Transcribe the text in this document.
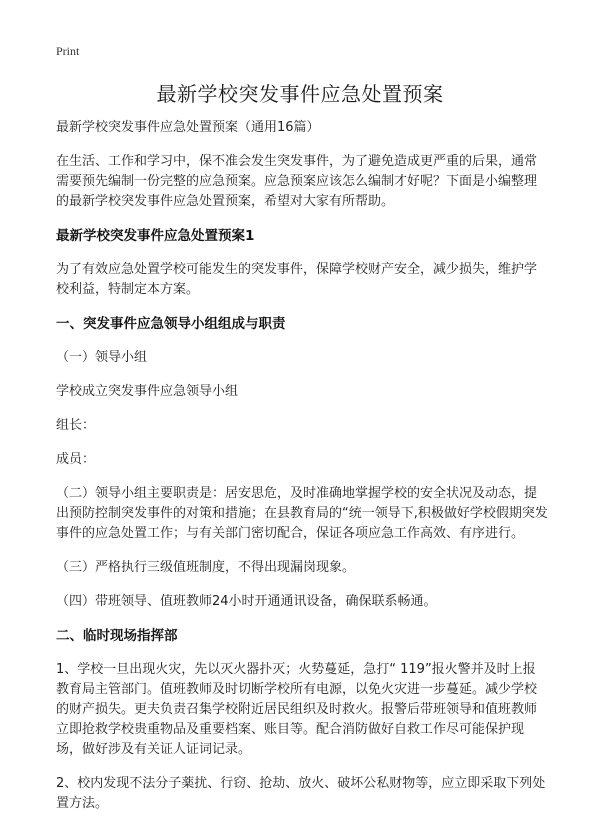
Print
最新学校突发事件应急处置预案

最新学校突发事件应急处置预案（通用16篇）

在生活、工作和学习中，保不准会发生突发事件，为了避免造成更严重的后果，通常需要预先编制一份完整的应急预案。应急预案应该怎么编制才好呢？下面是小编整理的最新学校突发事件应急处置预案，希望对大家有所帮助。

最新学校突发事件应急处置预案1

为了有效应急处置学校可能发生的突发事件，保障学校财产安全，减少损失，维护学校利益，特制定本方案。

一、突发事件应急领导小组组成与职责

（一）领导小组

学校成立突发事件应急领导小组

组长：

成员：

（二）领导小组主要职责是：居安思危，及时准确地掌握学校的安全状况及动态，提出预防控制突发事件的对策和措施；在县教育局的“统一领导下,积极做好学校假期突发事件的应急处置工作；与有关部门密切配合，保证各项应急工作高效、有序进行。

（三）严格执行三级值班制度，不得出现漏岗现象。

（四）带班领导、值班教师24小时开通通讯设备，确保联系畅通。

二、临时现场指挥部

1、学校一旦出现火灾，先以灭火器扑灭；火势蔓延，急打“ 119”报火警并及时上报教育局主管部门。值班教师及时切断学校所有电源，以免火灾进一步蔓延。减少学校的财产损失。更夫负责召集学校附近居民组织及时救火。报警后带班领导和值班教师立即抢救学校贵重物品及重要档案、账目等。配合消防做好自救工作尽可能保护现场，做好涉及有关证人证词记录。

2、校内发现不法分子薬扰、行窃、抢劫、放火、破坏公私财物等，应立即采取下列处置方法。
